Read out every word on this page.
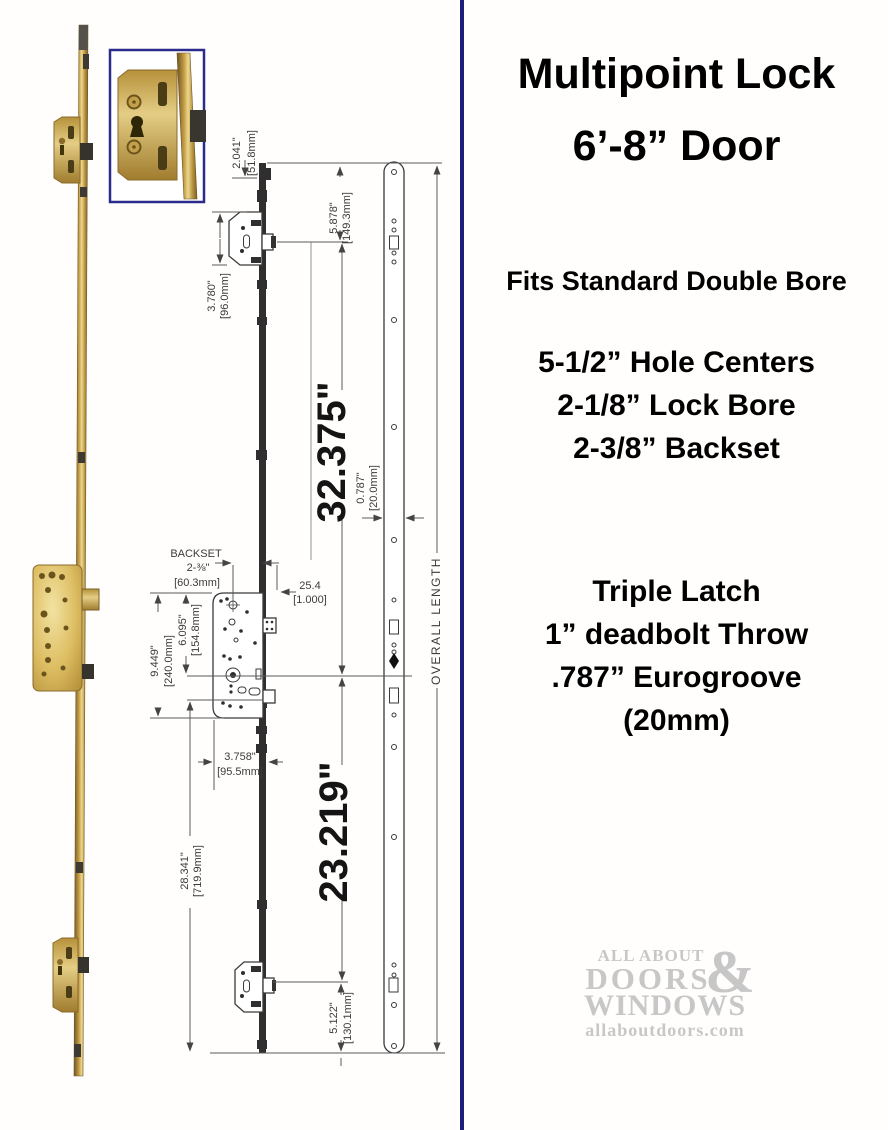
OVERALL LENGTH
2.041" [51.8mm]
5.878" [149.3mm]
3.780" [96.0mm]
32.375" 0.787" [20.0mm]
BACKSET
2-⅜"
[60.3mm]	25.4
[1.000]
9.449" [240.0mm]
6.095" [154.8mm]
28.341" [719.9mm]
3.758"
[95.5mm] 23.219"
5.122" [130.1mm]
Multipoint Lock
6’-8” Door
Fits Standard Double Bore
5-1/2” Hole Centers
2-1/8” Lock Bore
2-3/8” Backset
Triple Latch
1” deadbolt Throw
.787” Eurogroove
(20mm)
&
ALL ABOUT
DOORS
WINDOWS
allaboutdoors.com
